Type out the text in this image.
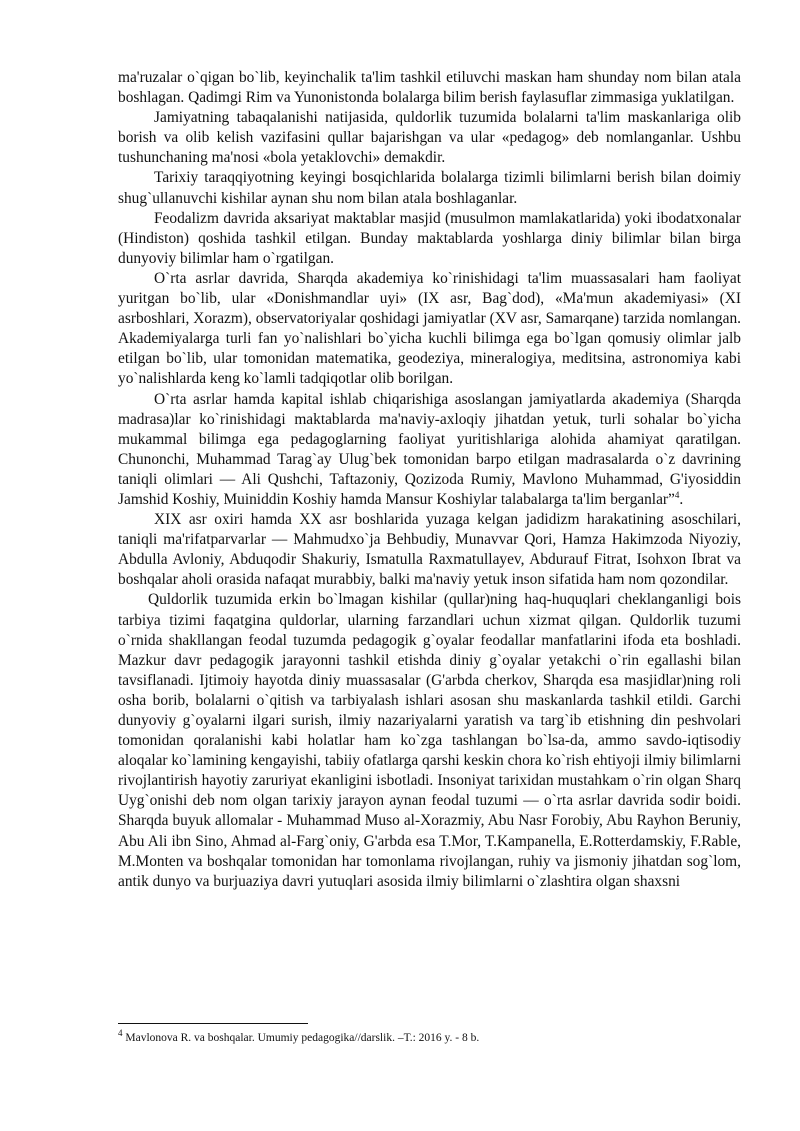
ma'ruzalar o`qigan bo`lib, keyinchalik ta'lim tashkil etiluvchi maskan ham shunday nom bilan atala boshlagan. Qadimgi Rim va Yunonistonda bolalarga bilim berish faylasuflar zimmasiga yuklatilgan.

Jamiyatning tabaqalanishi natijasida, quldorlik tuzumida bolalarni ta'lim maskanlariga olib borish va olib kelish vazifasini qullar bajarishgan va ular «pedagog» deb nomlanganlar. Ushbu tushunchaning ma'nosi «bola yetaklovchi» demakdir.

Tarixiy taraqqiyotning keyingi bosqichlarida bolalarga tizimli bilimlarni berish bilan doimiy shug`ullanuvchi kishilar aynan shu nom bilan atala boshlaganlar.

Feodalizm davrida aksariyat maktablar masjid (musulmon mamlakatlarida) yoki ibodatxonalar (Hindiston) qoshida tashkil etilgan. Bunday maktablarda yoshlarga diniy bilimlar bilan birga dunyoviy bilimlar ham o`rgatilgan.

O`rta asrlar davrida, Sharqda akademiya ko`rinishidagi ta'lim muassasalari ham faoliyat yuritgan bo`lib, ular «Donishmandlar uyi» (IX asr, Bag`dod), «Ma'mun akademiyasi» (XI asrboshlari, Xorazm), observatoriyalar qoshidagi jamiyatlar (XV asr, Samarqane) tarzida nomlangan. Akademiyalarga turli fan yo`nalishlari bo`yicha kuchli bilimga ega bo`lgan qomusiy olimlar jalb etilgan bo`lib, ular tomonidan matematika, geodeziya, mineralogiya, meditsina, astronomiya kabi yo`nalishlarda keng ko`lamli tadqiqotlar olib borilgan.

O`rta asrlar hamda kapital ishlab chiqarishiga asoslangan jamiyatlarda akademiya (Sharqda madrasa)lar ko`rinishidagi maktablarda ma'naviy-axloqiy jihatdan yetuk, turli sohalar bo`yicha mukammal bilimga ega pedagoglarning faoliyat yuritishlariga alohida ahamiyat qaratilgan. Chunonchi, Muhammad Tarag`ay Ulug`bek tomonidan barpo etilgan madrasalarda o`z davrining taniqli olimlari — Ali Qushchi, Taftazoniy, Qozizoda Rumiy, Mavlono Muhammad, G'iyosiddin Jamshid Koshiy, Muiniddin Koshiy hamda Mansur Koshiylar talabalarga ta'lim berganlar”$^4$.

XIX asr oxiri hamda XX asr boshlarida yuzaga kelgan jadidizm harakatining asoschilari, taniqli ma'rifatparvarlar — Mahmudxo`ja Behbudiy, Munavvar Qori, Hamza Hakimzoda Niyoziy, Abdulla Avloniy, Abduqodir Shakuriy, Ismatulla Raxmatullayev, Abdurauf Fitrat, Isohxon Ibrat va boshqalar aholi orasida nafaqat murabbiy, balki ma'naviy yetuk inson sifatida ham nom qozondilar.

Quldorlik tuzumida erkin bo`lmagan kishilar (qullar)ning haq-huquqlari cheklanganligi bois tarbiya tizimi faqatgina quldorlar, ularning farzandlari uchun xizmat qilgan. Quldorlik tuzumi o`rnida shakllangan feodal tuzumda pedagogik g`oyalar feodallar manfatlarini ifoda eta boshladi. Mazkur davr pedagogik jarayonni tashkil etishda diniy g`oyalar yetakchi o`rin egallashi bilan tavsiflanadi. Ijtimoiy hayotda diniy muassasalar (G'arbda cherkov, Sharqda esa masjidlar)ning roli osha borib, bolalarni o`qitish va tarbiyalash ishlari asosan shu maskanlarda tashkil etildi. Garchi dunyoviy g`oyalarni ilgari surish, ilmiy nazariyalarni yaratish va targ`ib etishning din peshvolari tomonidan qoralanishi kabi holatlar ham ko`zga tashlangan bo`lsa-da, ammo savdo-iqtisodiy aloqalar ko`lamining kengayishi, tabiiy ofatlarga qarshi keskin chora ko`rish ehtiyoji ilmiy bilimlarni rivojlantirish hayotiy zaruriyat ekanligini isbotladi. Insoniyat tarixidan mustahkam o`rin olgan Sharq Uyg`onishi deb nom olgan tarixiy jarayon aynan feodal tuzumi — o`rta asrlar davrida sodir boidi. Sharqda buyuk allomalar - Muhammad Muso al-Xorazmiy, Abu Nasr Forobiy, Abu Rayhon Beruniy, Abu Ali ibn Sino, Ahmad al-Farg`oniy, G'arbda esa T.Mor, T.Kampanella, E.Rotterdamskiy, F.Rable, M.Monten va boshqalar tomonidan har tomonlama rivojlangan, ruhiy va jismoniy jihatdan sog`lom, antik dunyo va burjuaziya davri yutuqlari asosida ilmiy bilimlarni o`zlashtira olgan shaxsni

$^4$ Mavlonova R. va boshqalar. Umumiy pedagogika//darslik. –T.: 2016 y. - 8 b.
